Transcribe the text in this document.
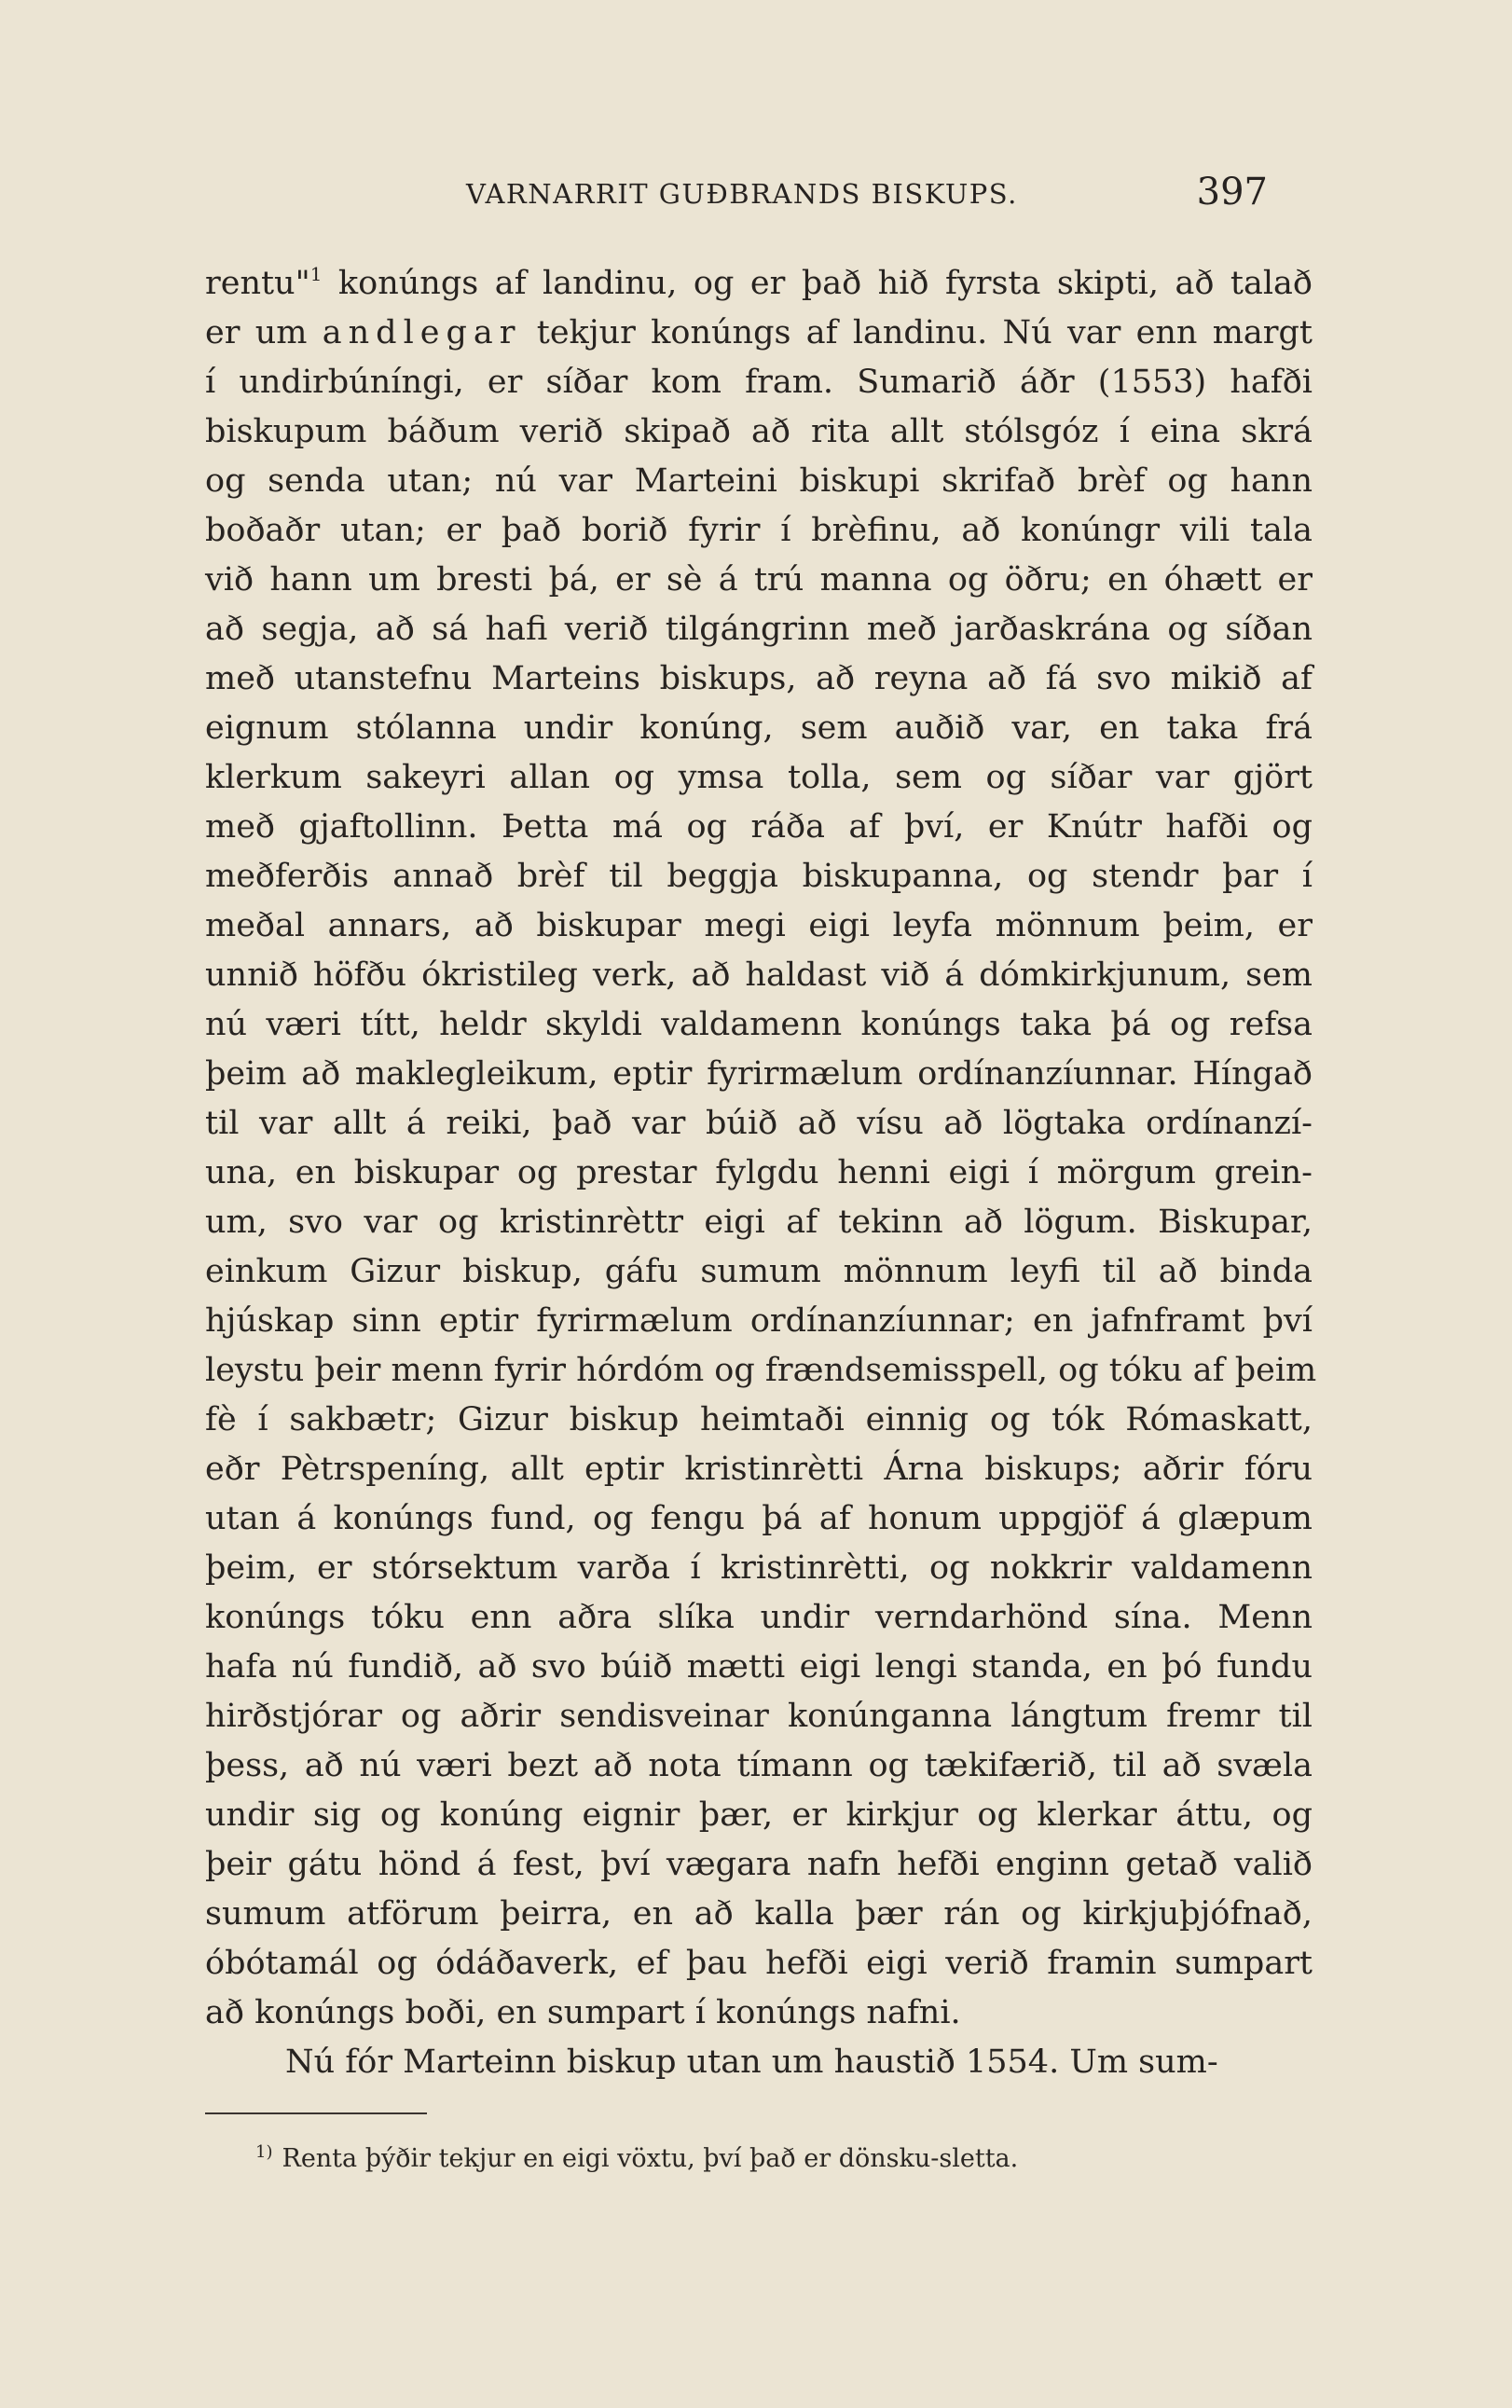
VARNARRIT GUÐBRANDS BISKUPS.	397
rentu"$^1$ konúngs af landinu, og er það hið fyrsta skipti, að talað
er um andlegar tekjur konúngs af landinu. Nú var enn margt
í undirbúníngi, er síðar kom fram. Sumarið áðr (1553) hafði
biskupum báðum verið skipað að rita allt stólsgóz í eina skrá
og senda utan; nú var Marteini biskupi skrifað brèf og hann
boðaðr utan; er það borið fyrir í brèfinu, að konúngr vili tala
við hann um bresti þá, er sè á trú manna og öðru; en óhætt er
að segja, að sá hafi verið tilgángrinn með jarðaskrána og síðan
með utanstefnu Marteins biskups, að reyna að fá svo mikið af
eignum stólanna undir konúng, sem auðið var, en taka frá
klerkum sakeyri allan og ymsa tolla, sem og síðar var gjört
með gjaftollinn. Þetta má og ráða af því, er Knútr hafði og
meðferðis annað brèf til beggja biskupanna, og stendr þar í
meðal annars, að biskupar megi eigi leyfa mönnum þeim, er
unnið höfðu ókristileg verk, að haldast við á dómkirkjunum, sem
nú væri títt, heldr skyldi valdamenn konúngs taka þá og refsa
þeim að maklegleikum, eptir fyrirmælum ordínanzíunnar. Híngað
til var allt á reiki, það var búið að vísu að lögtaka ordínanzí-
una, en biskupar og prestar fylgdu henni eigi í mörgum grein-
um, svo var og kristinrèttr eigi af tekinn að lögum. Biskupar,
einkum Gizur biskup, gáfu sumum mönnum leyfi til að binda
hjúskap sinn eptir fyrirmælum ordínanzíunnar; en jafnframt því
leystu þeir menn fyrir hórdóm og frændsemisspell, og tóku af þeim
fè í sakbætr; Gizur biskup heimtaði einnig og tók Rómaskatt,
eðr Pètrspeníng, allt eptir kristinrètti Árna biskups; aðrir fóru
utan á konúngs fund, og fengu þá af honum uppgjöf á glæpum
þeim, er stórsektum varða í kristinrètti, og nokkrir valdamenn
konúngs tóku enn aðra slíka undir verndarhönd sína. Menn
hafa nú fundið, að svo búið mætti eigi lengi standa, en þó fundu
hirðstjórar og aðrir sendisveinar konúnganna lángtum fremr til
þess, að nú væri bezt að nota tímann og tækifærið, til að svæla
undir sig og konúng eignir þær, er kirkjur og klerkar áttu, og
þeir gátu hönd á fest, því vægara nafn hefði enginn getað valið
sumum atförum þeirra, en að kalla þær rán og kirkjuþjófnað,
óbótamál og ódáðaverk, ef þau hefði eigi verið framin sumpart
að konúngs boði, en sumpart í konúngs nafni.
Nú fór Marteinn biskup utan um haustið 1554. Um sum-
$^{1)}$ Renta þýðir tekjur en eigi vöxtu, því það er dönsku-sletta.
